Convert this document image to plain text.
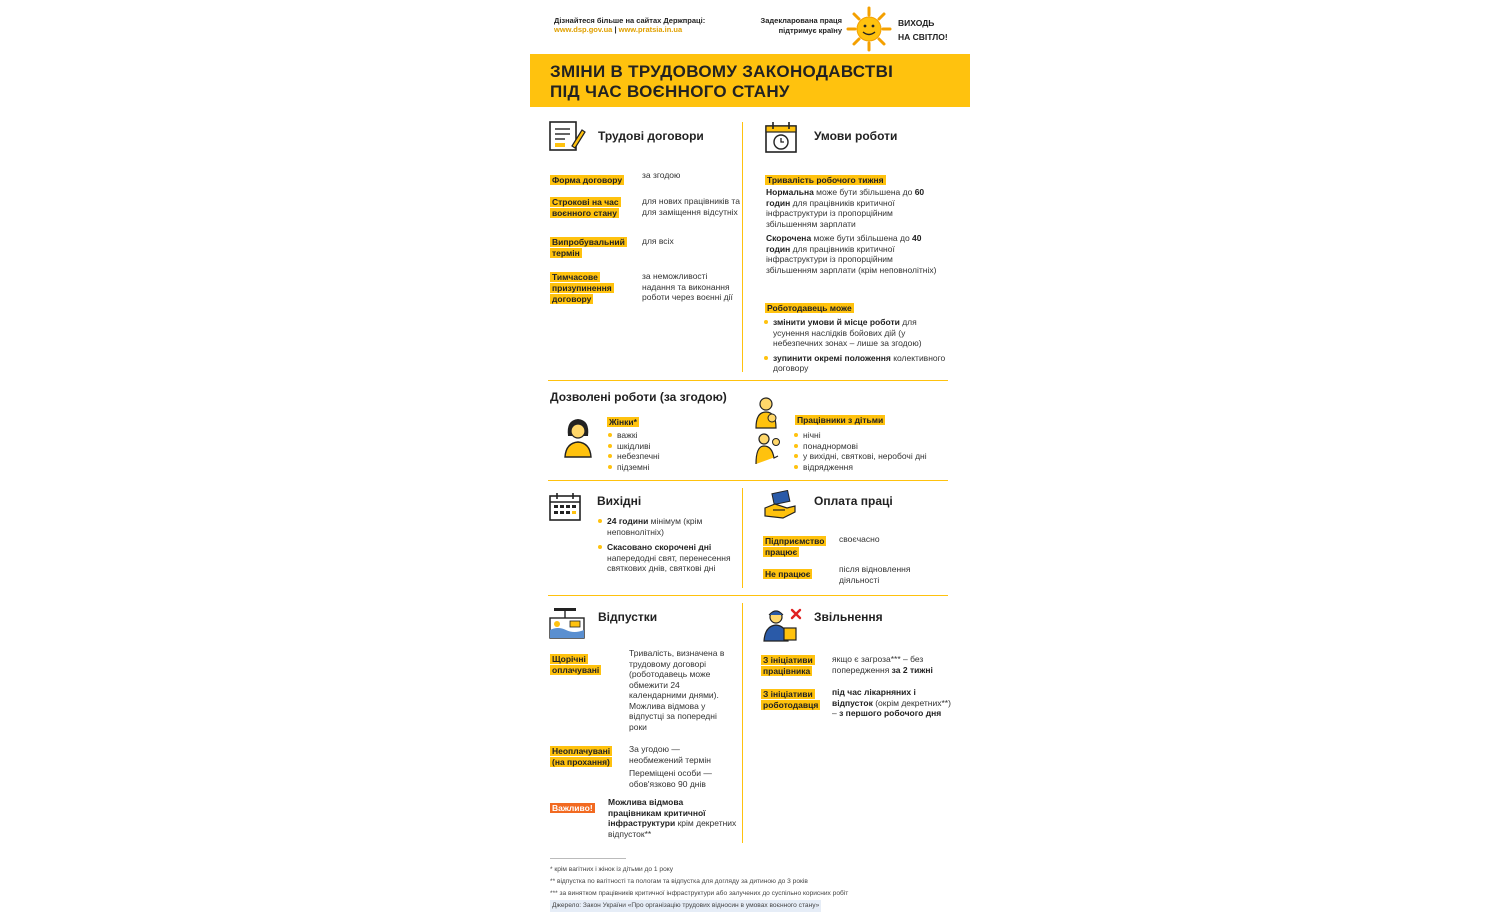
Дізнайтеся більше на сайтах Держпраці:
www.dsp.gov.ua | www.pratsia.in.ua
Задекларована праця
підтримує країну
ВИХОДЬ
НА СВІТЛО!
ЗМІНИ В ТРУДОВОМУ ЗАКОНОДАВСТВІ
ПІД ЧАС ВОЄННОГО СТАНУ
Трудові договори
Форма договору	за згодою
Строкові на час воєнного стану
для нових працівників та для заміщення відсутніх
Випробувальний термін
для всіх
Тимчасове призупинення договору
за неможливості надання та виконання роботи через воєнні дії
Умови роботи
Тривалість робочого тижня
Нормальна може бути збільшена до 60 годин для працівників критичної інфраструктури із пропорційним збільшенням зарплати
Скорочена може бути збільшена до 40 годин для працівників критичної інфраструктури із пропорційним збільшенням зарплати (крім неповнолітніх)
Роботодавець може
змінити умови й місце роботи для усунення наслідків бойових дій (у небезпечних зонах – лише за згодою)
зупинити окремі положення колективного договору
Дозволені роботи (за згодою)
Жінки*
важкі
шкідливі
небезпечні
підземні
Працівники з дітьми
нічні
понаднормові
у вихідні, святкові, неробочі дні
відрядження
Вихідні
24 години мінімум (крім неповнолітніх)
Скасовано скорочені дні напередодні свят, перенесення святкових днів, святкові дні
Оплата праці
Підприємство працює
своєчасно
Не працює	після відновлення діяльності
Відпустки
Щорічні оплачувані
Тривалість, визначена в трудовому договорі (роботодавець може обмежити 24 календарними днями). Можлива відмова у відпустці за попередні роки
Неоплачувані (на прохання)
За угодою — необмежений термін
Переміщені особи — обов'язково 90 днів
Важливо!
Можлива відмова працівникам критичної інфраструктури крім декретних відпусток**
Звільнення
З ініціативи працівника
якщо є загроза*** – без попередження за 2 тижні
З ініціативи роботодавця
під час лікарняних і відпусток (окрім декретних**) – з першого робочого дня
* крім вагітних і жінок із дітьми до 1 року
** відпустка по вагітності та пологам та відпустка для догляду за дитиною до 3 років
*** за винятком працівників критичної інфраструктури або залучених до суспільно корисних робіт
Джерело: Закон України «Про організацію трудових відносин в умовах воєнного стану»
